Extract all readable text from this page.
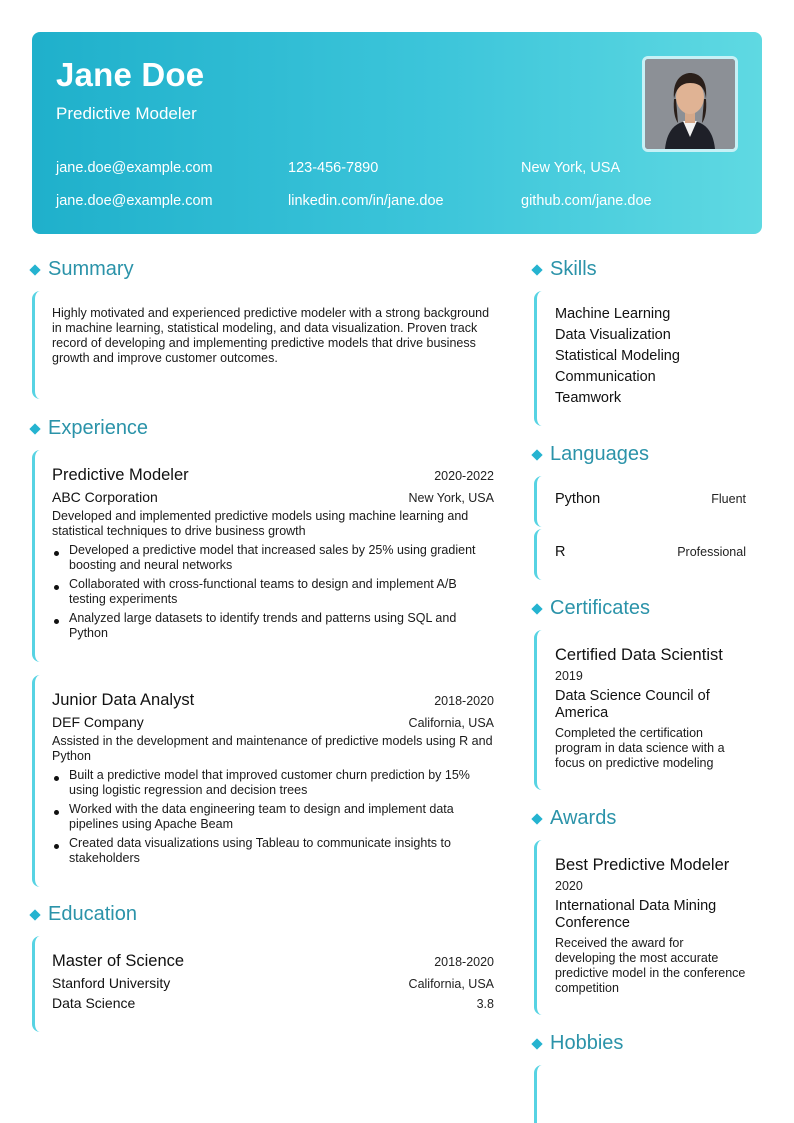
Jane Doe
Predictive Modeler
jane.doe@example.com	123-456-7890	New York, USA
jane.doe@example.com	linkedin.com/in/jane.doe	github.com/jane.doe
Summary
Highly motivated and experienced predictive modeler with a strong background in machine learning, statistical modeling, and data visualization. Proven track record of developing and implementing predictive models that drive business growth and improve customer outcomes.
Experience
Predictive Modeler	2020-2022
ABC Corporation	New York, USA
Developed and implemented predictive models using machine learning and statistical techniques to drive business growth
Developed a predictive model that increased sales by 25% using gradient boosting and neural networks
Collaborated with cross-functional teams to design and implement A/B testing experiments
Analyzed large datasets to identify trends and patterns using SQL and Python
Junior Data Analyst	2018-2020
DEF Company	California, USA
Assisted in the development and maintenance of predictive models using R and Python
Built a predictive model that improved customer churn prediction by 15% using logistic regression and decision trees
Worked with the data engineering team to design and implement data pipelines using Apache Beam
Created data visualizations using Tableau to communicate insights to stakeholders
Education
Master of Science	2018-2020
Stanford University	California, USA
Data Science	3.8
Skills
Machine Learning
Data Visualization
Statistical Modeling
Communication
Teamwork
Languages
Python	Fluent
R	Professional
Certificates
Certified Data Scientist
2019
Data Science Council of America
Completed the certification program in data science with a focus on predictive modeling
Awards
Best Predictive Modeler
2020
International Data Mining Conference
Received the award for developing the most accurate predictive model in the conference competition
Hobbies
